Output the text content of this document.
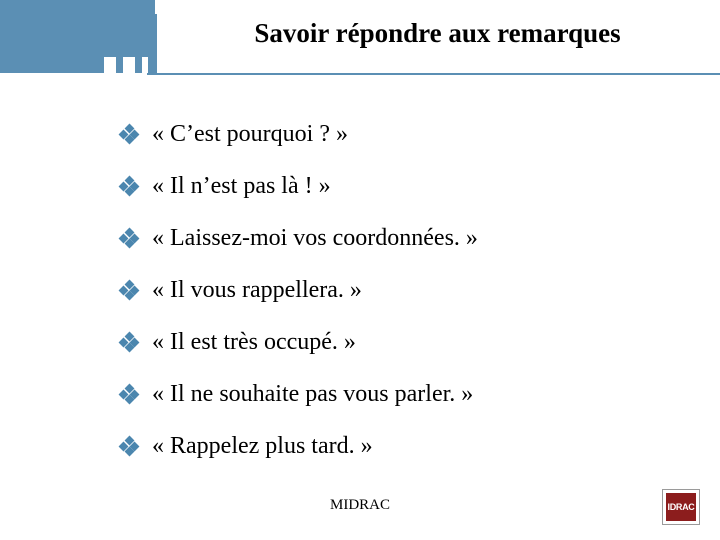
Savoir répondre aux remarques
« C’est pourquoi ? »
« Il n’est pas là ! »
« Laissez-moi vos coordonnées. »
« Il vous rappellera. »
« Il est très occupé. »
« Il ne souhaite pas vous parler. »
« Rappelez plus tard. »
MIDRAC	IDRAC
